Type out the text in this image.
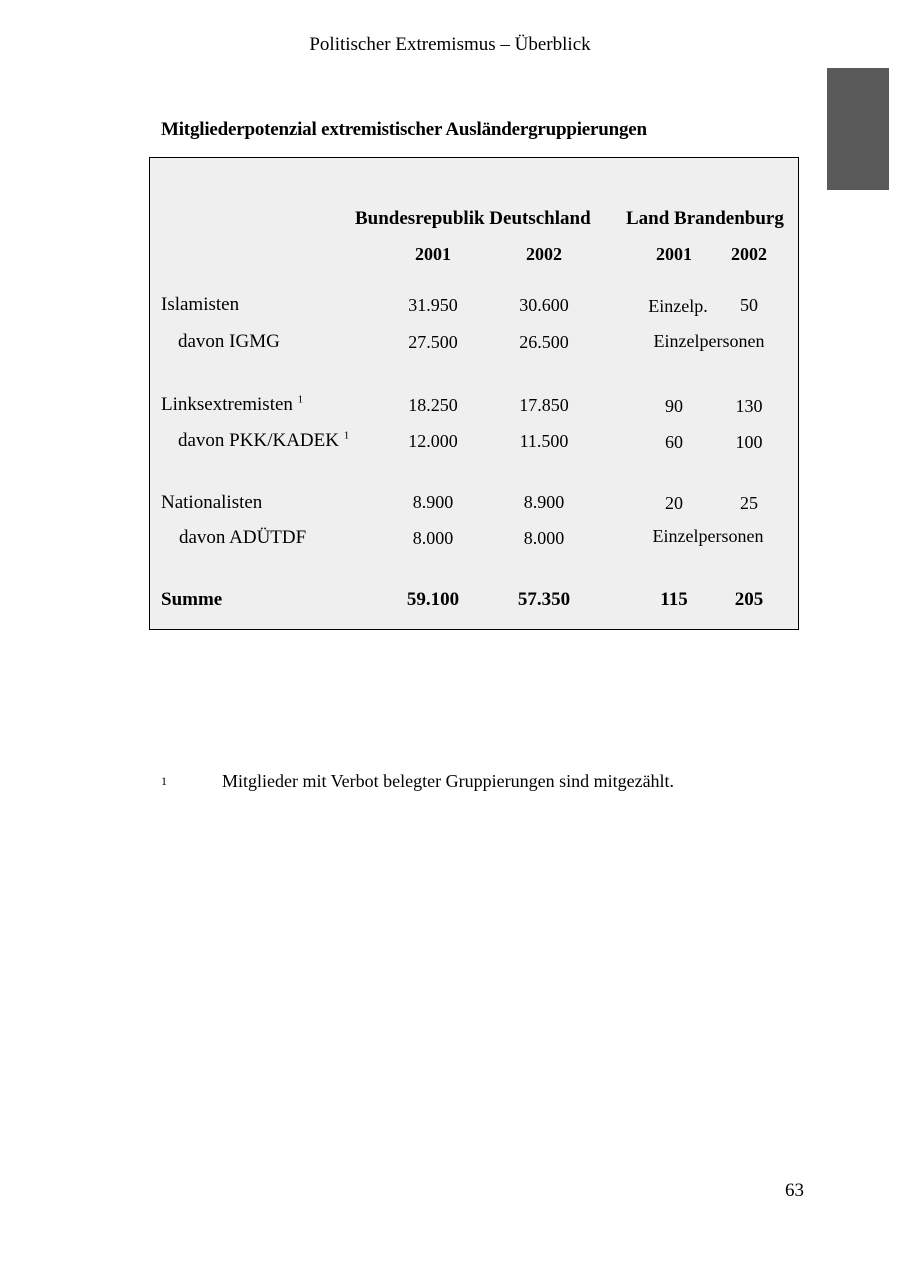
Politischer Extremismus – Überblick
Mitgliederpotenzial extremistischer Ausländergruppierungen
Bundesrepublik Deutschland Land Brandenburg
2001	2002	2001 2002
Islamisten	31.950	30.600	Einzelp. 50
davon IGMG	27.500	26.500	Einzelpersonen
Linksextremisten $^1$	18.250	17.850	90	130
davon PKK/KADEK $^1$	12.000	11.500	60	100
Nationalisten	8.900	8.900	20	25
davon ADÜTDF	8.000	8.000	Einzelpersonen
Summe	59.100	57.350	115 205
1	Mitglieder mit Verbot belegter Gruppierungen sind mitgezählt.
63
